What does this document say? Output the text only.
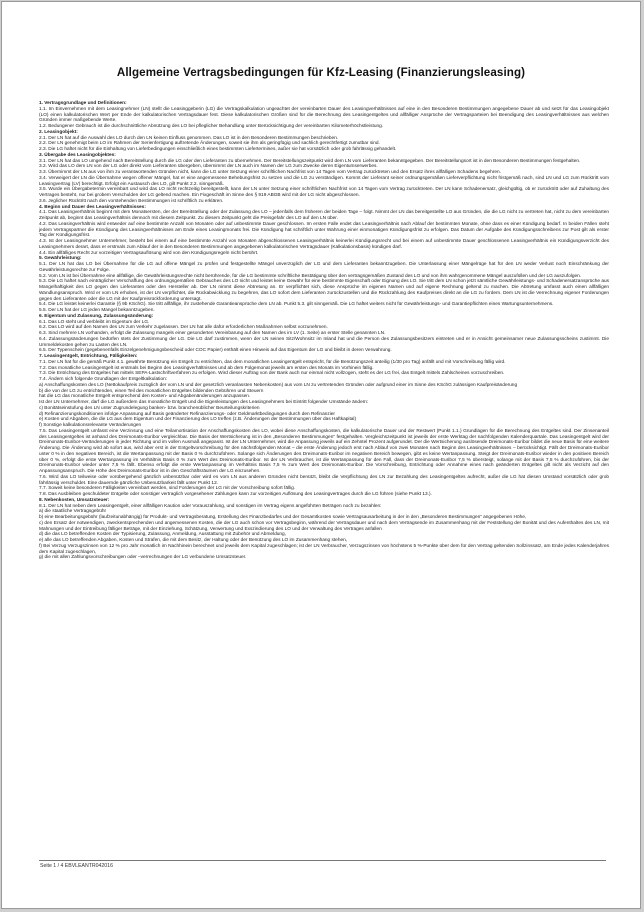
Allgemeine Vertragsbedingungen für Kfz-Leasing (Finanzierungsleasing)

1. Vertragsgrundlage und Definitionen:

1.1. Im Einvernehmen mit dem Leasingnehmer (LN) stellt die Leasinggeberin (LG) die Vertragskalkulation ungeachtet der vereinbarten Dauer des Leasingverhältnisses auf eine in den Besonderen Bestimmungen angegebene Dauer ab und setzt für das Leasingobjekt (LO) einen kalkulatorischen Wert per Ende der kalkulatorischen Vertragsdauer fest. Diese kalkulatorischen Größen sind für die Berechnung des Leasingentgeltes und allfälliger Ansprüche der Vertragsparteien bei Beendigung des Leasingverhältnisses aus welchen Gründen immer maßgebende Werte.

1.2. Bedungener Gebrauch ist die durchschnittliche Abnützung des LO bei pfleglicher Behandlung unter Berücksichtigung der vereinbarten Kilometerhöchstleistung.

2. Leasingobjekt:

2.1. Der LN hat auf die Auswahl des LO durch den LN keinen Einfluss genommen. Das LO ist in den Besonderen Bestimmungen beschrieben.

2.2. Der LN genehmigt beim LO im Rahmen der Serienfertigung auftretende Änderungen, soweit sie ihm als geringfügig und sachlich gerechtfertigt zumutbar sind.

2.3. Die LG haftet nicht für die Einhaltung von Lieferbedingungen einschließlich eines bestimmten Liefertermines, außer sie hat vorsätzlich oder grob fahrlässig gehandelt.

3. Übergabe des Leasingobjektes:

3.1. Der LN hat das LO umgehend nach Bereitstellung durch die LG oder den Lieferanten zu übernehmen. Der Bereitstellungszeitpunkt wird dem LN vom Lieferanten bekanntgegeben. Der Bereitstellungsort ist in den Besonderen Bestimmungen festgehalten.

3.2. Wird das LO dem LN von der LG oder direkt vom Lieferanten übergeben, übernimmt der LN auch im Namen der LG zum Zwecke deren Eigentumserwerbes.

3.3. Übernimmt der LN aus von ihm zu verantwortenden Gründen nicht, kann die LG unter Setzung einer schriftlichen Nachfrist von 14 Tagen vom Vertrag zurücktreten und den Ersatz ihres allfälligen Schadens begehren.

3.4. Verweigert der LN die Übernahme wegen offener Mängel, hat er eine angemessene Behebungsfrist zu setzen und die LG zu verständigen. Kommt der Lieferant seiner ordnungsgemäßen Lieferverpflichtung nicht fristgemäß nach, sind LN und LG zum Rücktritt vom Leasingvertrag (LV) berechtigt. Erfolgt ein Austausch des LO, gilt Punkt 2.2. sinngemäß.

3.5. Wurde ein Übergabetermin vereinbart und wird das LO nicht rechtzeitig bereitgestellt, kann der LN unter Setzung einer schriftlichen Nachfrist von 14 Tagen vom Vertrag zurücktreten. Der LN kann Schadenersatz, gleichgültig, ob er zurücktritt oder auf Zuhaltung des Vertrages besteht, nur bei grobem Verschulden der LG geltend machen. Ein Fixgeschäft im Sinne des § 919 ABGB wird mit der LG nicht abgeschlossen.

3.6. Jeglicher Rücktritt nach den vorstehenden Bestimmungen ist schriftlich zu erklären.

4. Beginn und Dauer des Leasingverhältnisses:

4.1. Das Leasingverhältnis beginnt mit dem Monatsersten, der der Bereitstellung oder der Zulassung des LO – jedenfalls dem früheren der beiden Tage – folgt. Nimmt der LN das bereitgestellte LO aus Gründen, die die LG nicht zu vertreten hat, nicht zu dem vereinbarten Zeitpunkt ab, beginnt das Leasingverhältnis dennoch mit diesem Zeitpunkt. Zu diesem Zeitpunkt geht die Preisgefahr des LO auf den LN über.

4.2. Das Leasingverhältnis wird entweder auf eine bestimmte Anzahl von Monaten oder auf unbestimmte Dauer geschlossen. Im ersten Falle endet das Leasingverhältnis nach Ablauf der bestimmten Monate, ohne dass es einer Kündigung bedarf. In beiden Fällen steht jedem Vertragspartner die Kündigung des Leasingverhältnisses am Ende eines Leasingmonats frei. Die Kündigung hat schriftlich unter Wahrung einer einmonatigen Kündigungsfrist zu erfolgen. Das Datum der Aufgabe des Kündigungsschreibens zur Post gilt als erster Tag der Kündigungsfrist.

4.3. Ist der Leasingnehmer Unternehmer, besteht bei einem auf eine bestimmte Anzahl von Monaten abgeschlossenen Leasingverhältnis keinerlei Kündigungsrecht und bei einem auf unbestimmte Dauer geschlossenen Leasingverhältnis ein Kündigungsverzicht des Leasingnehmers derart, dass er erstmals zum Ablauf der in den Besonderen Bestimmungen angegebenen kalkulatorischen Vertragsdauer (Kalkulationsbasis) kündigen darf.

4.4. Ein allfälliges Recht zur vorzeitigen Vertragsauflösung wird von den Kündigungsregeln nicht berührt.

5. Gewährleistung:

5.1. Der LN hat das LO bei Übernahme für die LG auf offene Mängel zu prüfen und festgestellte Mängel unverzüglich der LG und dem Lieferanten bekanntzugeben. Die Unterlassung einer Mängelrüge hat für den LN weder Verlust noch Einschränkung der Gewährleistungsrechte zur Folge.

5.2. Vom LN ist bei Übernahme eine allfällige, die Gewährleistungsrechte nicht berührende, für die LG bestimmte schriftliche Bestätigung über den vertragsgemäßen Zustand des LO und von ihm wahrgenommene Mängel auszufüllen und der LG auszufolgen.

5.3. Die LG haftet nach einträglicher Verschaffung des ordnungsgemäßen Gebrauches des LO nicht und leistet keine Gewähr für eine bestimmte Eigenschaft oder Eignung des LO. Sie tritt dem LN schon jetzt sämtliche Gewährleistungs- und Schadenersatzansprüche aus Mangelhaftigkeit des LO gegen den Lieferanten oder den Hersteller ab. Der LN nimmt diese Abtretung an. Er verpflichtet sich, diese Ansprüche im eigenen Namen und auf eigene Rechnung geltend zu machen. Die Abtretung umfasst auch einen allfälligen Wandlungsanspruch. Wird er vom LN erhoben, ist der LN verpflichtet, die Rückabwicklung zu begehren, das LO sofort dem Lieferanten zurückzustellen und die Rückzahlung des Kaufpreises direkt an die LG zu fordern. Dem LN ist die Verrechnung eigener Forderungen gegen den Lieferanten oder die LG mit der Kaufpreisrückforderung untersagt.

5.4. Die LG leistet keinerlei Garantie (§ 9b KSchG). Sie tritt allfällige, ihr zustehende Garantieansprüche dem LN ab. Punkt 5.3. gilt sinngemäß. Die LG haftet weiters nicht für Gewährleistungs- und Garantiepflichten eines Wartungsunternehmens.

5.5. Der LN hat der LG jeden Mangel bekanntzugeben.

6. Eigentum und Zulassung, Zulassungsänderung:

6.1. Das LO steht und verbleibt im Eigentum der LG.

6.2. Das LO wird auf den Namen des LN zum Verkehr zugelassen. Der LN hat alle dafür erforderlichen Maßnahmen selbst vorzunehmen.

6.3. Sind mehrere LN vorhanden, erfolgt die Zulassung mangels einer gesonderten Vereinbarung auf den Namen des im LV (1. Seite) an erster Stelle genannten LN.

6.4. Zulassungsänderungen bedürfen stets der Zustimmung der LG. Die LG darf zustimmen, wenn der LN seinen Sitz/Wohnsitz im Inland hat und die Person des Zulassungsbesitzers eintreten und er in Ansicht gemeinsamer neue Zulassungsscheins zustimmt. Die Ummeldekosten gehen zu Lasten des LN.

6.5. Der Typenschein (gegebenenfalls Einzelgenehmigungsbescheid oder COC Papier) enthält einen Hinweis auf das Eigentum der LG und bleibt in deren Verwahrung.

7. Leasingentgelt, Entrichtung, Fälligkeiten:

7.1. Der LN hat für die gemäß Punkt 4.1. gewährte Benützung ein Entgelt zu entrichten, das dem monatlichen Leasingentgelt entspricht, für die Benützungszeit anteilig (1/30 pro Tag) anfällt und mit Vorschreibung fällig wird.

7.2. Das monatliche Leasingentgelt ist erstmals bei Beginn des Leasingverhältnisses und ab dem Folgemonat jeweils am ersten des Monats im Vorhinein fällig.

7.3. Die Entrichtung des Entgeltes hat mittels SEPA-Lastschriftverfahren zu erfolgen. Wird dieser Auftrag von der Bank auch nur einmal nicht vollzogen, steht es der LG frei, das Entgelt mittels Zahlscheines vorzuschreiben.

7.4. Ändern sich folgende Grundlagen der Entgeltkalkulation:

a) Anschaffungskosten des LO (Nettokaufpreis zuzüglich der vom LN und der gesetzlich veranlassten Nebenkosten) aus vom LN zu vertretenden Gründen oder aufgrund einer im Sinne des KSchG zulässigen Kaufpreisänderung

b) die von der LG zu entrichtenden, einen Teil des monatlichen Entgeltes bildenden Gebühren und Steuern

hat die LG das monatliche Entgelt entsprechend den Kosten- und Abgabenänderungen anzupassen.

Ist der LN Unternehmer, darf die LG außerdem das monatliche Entgelt und die Eigenleistungen des Leasingnehmers bei Eintritt folgender Umstände ändern:

c) Bonitätseinstufung des LN unter Zugrundelegung banken- bzw. branchenüblicher Beurteilungskriterien

d) Refinanzierungskonditionen infolge Anpassung auf Basis geänderter Refinanzierungs- oder Geldmarktbedingungen durch den Refinanzier

e) Kosten und Abgaben, die die LG aus dem Eigentum und der Finanzierung des LO treffen (z.B. Änderungen der Bestimmungen über das Haftkapital)

f) Sonstige kalkulationsrelevante Veränderungen

7.5. Das Leasingentgelt umfasst eine Verzinsung und eine Teilamortisation der Anschaffungskosten des LO, wobei diese Anschaffungskosten, die kalkulatorische Dauer und der Restwert (Punkt 1.1.) Grundlagen für die Berechnung des Entgeltes sind. Der Zinsenanteil des Leasingentgeltes ist anhand des Dreimonats-Euribor vergleichbar. Die Basis der Wertsicherung ist in den „Besonderen Bestimmungen“ festgehalten. Vergleichszeitpunkt ist jeweils der erste Werktag der nachfolgenden Kalenderquartale. Das Leasingentgelt wird der Dreimonats-Euribor-Veränderungen in jeder Richtung und im vollen Ausmaß angepasst. Ist der LN Unternehmer, wird die Anpassung jeweils auf ein Zehntel Prozent aufgerundet. Der die Wertsicherung auslösende Dreimonats-Euribor bildet die neue Basis für eine weitere Änderung. Die Änderung wird ab sofort aus, wird aber erst in der Entgeltvorschreibung für den nächstfolgenden Monat – die erste Änderung jedoch erst nach Ablauf von zwei Monaten nach Beginn des Leasingverhältnisses – berücksichtigt. Fällt der Dreimonats-Euribor unter 0 % in den negativen Bereich, ist die Wertanpassung mit der Basis 0 % durchzuführen. Solange sich Änderungen des Dreimonats-Euribor im negativen Bereich bewegen, gibt es keine Wertanpassung. Steigt der Dreimonats-Euribor wieder in den positiven Bereich über 0 %, erfolgt die erste Wertanpassung im Verhältnis Basis 0 % zum Wert des Dreimonats-Euribor. Ist der LN Verbraucher, ist die Wertanpassung für den Fall, dass der Dreimonats-Euribor 7,5 % übersteigt, solange mit der Basis 7,5 % durchzuführen, bis der Dreimonats-Euribor wieder unter 7,5 % fällt. Ebenso erfolgt die erste Wertanpassung im Verhältnis Basis 7,5 % zum Wert des Dreimonats-Euribor. Die Vorschreibung, Entrichtung oder Annahme eines nach geänderten Entgeltes gilt nicht als Verzicht auf den Anpassungsanspruch. Die Höhe des Dreimonats-Euribor ist in den Geschäftsräumen der LG einzusehen.

7.6. Wird das LO teilweise oder vorübergehend gänzlich unbenützbar oder wird es vom LN aus anderen Gründen nicht benützt, bleibt die Verpflichtung des LN zur Bezahlung des Leasingentgeltes aufrecht, außer die LG hat diesen Umstand vorsätzlich oder grob fahrlässig verschuldet. Eine dauernde gänzliche Unbenutzbarkeit fällt unter Punkt 12.

7.7. Soweit keine besonderen Fälligkeiten vereinbart werden, sind Forderungen der LG mit der Vorschreibung sofort fällig.

7.8. Das Ausbleiben geschuldeter Entgelte oder sonstiger vertraglich vorgesehener Zahlungen kann zur vorzeitigen Auflösung des Leasingvertrages durch die LG führen (siehe Punkt 13.).

8. Nebenkosten, Umsatzsteuer:

8.1. Der LN hat neben dem Leasingentgelt, einer allfälligen Kaution oder Vorauszahlung, und sonstigen im Vertrag eigens angeführten Beträgen noch zu bezahlen:

a) die staatliche Vertragsgebühr

b) eine Bearbeitungsgebühr (laufzeitunabhängig) für Produkt- und Vertragsberatung, Erstellung des Finanzbedarfes und der Gesamtkosten sowie Vertragsausarbeitung in der in den „Besonderen Bestimmungen“ angegebenen Höhe,

c) den Ersatz der notwendigen, zweckentsprechenden und angemessenen Kosten, die der LG auch schon vor Vertragsbeginn, während der Vertragsdauer und nach dem Vertragsende im Zusammenhang mit der Feststellung der Bonität und des Aufenthaltes des LN, mit Mahnungen und der Eintreibung fälliger Beträge, mit der Einziehung, Schätzung, Verwertung und Exszindierung des LO und der Verwaltung des Vertrages anfallen

d) die das LO betreffenden Kosten der Typisierung, Zulassung, Anmeldung, Ausstattung mit Zubehör und Abmeldung,

e) alle das LO betreffenden Abgaben, Kosten und Strafen, die mit dem Besitz, der Haltung oder der Benützung des LO im Zusammenhang stehen,

f) Bei Verzug Verzugszinsen von 12 % pro Jahr monatlich im Nachhinein berechnet und jeweils dem Kapital zugeschlagen; ist der LN Verbraucher, Verzugszinsen von höchstens 5 %-Punkte über dem für den Vertrag geltenden Sollzinssatz, am Ende jedes Kalenderjahres dem Kapital zugeschlagen,

g) die mit allen Zahlungsvorschreibungen oder –verrechnungen der LG verbundene Umsatzsteuer.

Seite 1 / 4 EBVLEANTR042016
